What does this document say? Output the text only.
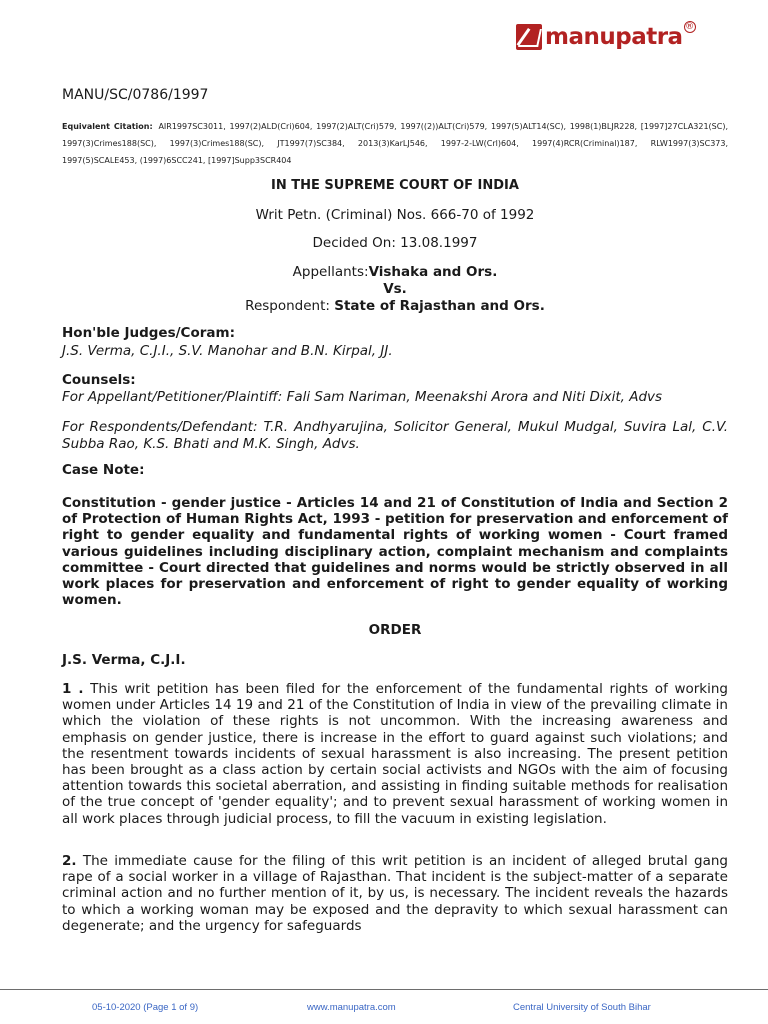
manupatra ®
MANU/SC/0786/1997
Equivalent Citation: AIR1997SC3011, 1997(2)ALD(Cri)604, 1997(2)ALT(Cri)579, 1997((2))ALT(Cri)579, 1997(5)ALT14(SC), 1998(1)BLJR228, [1997]27CLA321(SC), 1997(3)Crimes188(SC), 1997(3)Crimes188(SC), JT1997(7)SC384, 2013(3)KarLJ546, 1997-2-LW(Crl)604, 1997(4)RCR(Criminal)187, RLW1997(3)SC373, 1997(5)SCALE453, (1997)6SCC241, [1997]Supp3SCR404
IN THE SUPREME COURT OF INDIA
Writ Petn. (Criminal) Nos. 666-70 of 1992
Decided On: 13.08.1997
Appellants:Vishaka and Ors.
Vs.
Respondent: State of Rajasthan and Ors.
Hon'ble Judges/Coram:
J.S. Verma, C.J.I., S.V. Manohar and B.N. Kirpal, JJ.
Counsels:
For Appellant/Petitioner/Plaintiff: Fali Sam Nariman, Meenakshi Arora and Niti Dixit, Advs
For Respondents/Defendant: T.R. Andhyarujina, Solicitor General, Mukul Mudgal, Suvira Lal, C.V. Subba Rao, K.S. Bhati and M.K. Singh, Advs.
Case Note:
Constitution - gender justice - Articles 14 and 21 of Constitution of India and Section 2 of Protection of Human Rights Act, 1993 - petition for preservation and enforcement of right to gender equality and fundamental rights of working women - Court framed various guidelines including disciplinary action, complaint mechanism and complaints committee - Court directed that guidelines and norms would be strictly observed in all work places for preservation and enforcement of right to gender equality of working women.
ORDER
J.S. Verma, C.J.I.
1 . This writ petition has been filed for the enforcement of the fundamental rights of working women under Articles 14 19 and 21 of the Constitution of India in view of the prevailing climate in which the violation of these rights is not uncommon. With the increasing awareness and emphasis on gender justice, there is increase in the effort to guard against such violations; and the resentment towards incidents of sexual harassment is also increasing. The present petition has been brought as a class action by certain social activists and NGOs with the aim of focusing attention towards this societal aberration, and assisting in finding suitable methods for realisation of the true concept of 'gender equality'; and to prevent sexual harassment of working women in all work places through judicial process, to fill the vacuum in existing legislation.
2. The immediate cause for the filing of this writ petition is an incident of alleged brutal gang rape of a social worker in a village of Rajasthan. That incident is the subject-matter of a separate criminal action and no further mention of it, by us, is necessary. The incident reveals the hazards to which a working woman may be exposed and the depravity to which sexual harassment can degenerate; and the urgency for safeguards
05-10-2020 (Page 1 of 9)	www.manupatra.com	Central University of South Bihar
